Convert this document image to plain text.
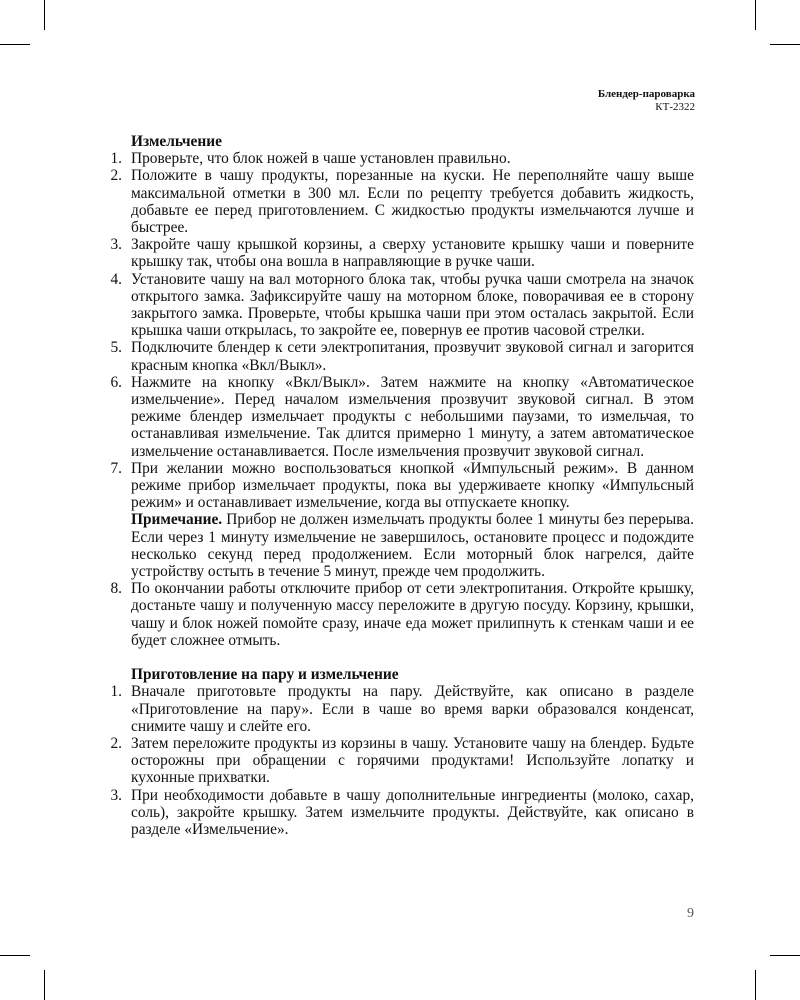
Блендер-пароварка
КТ-2322
Измельчение
1. Проверьте, что блок ножей в чаше установлен правильно.
2. Положите в чашу продукты, порезанные на куски. Не переполняйте чашу выше максимальной отметки в 300 мл. Если по рецепту требуется добавить жидкость, добавьте ее перед приготовлением. С жидкостью продукты измельчаются лучше и быстрее.
3. Закройте чашу крышкой корзины, а сверху установите крышку чаши и поверните крышку так, чтобы она вошла в направляющие в ручке чаши.
4. Установите чашу на вал моторного блока так, чтобы ручка чаши смотрела на значок открытого замка. Зафиксируйте чашу на моторном блоке, поворачивая ее в сторону закрытого замка. Проверьте, чтобы крышка чаши при этом осталась закрытой. Если крышка чаши открылась, то закройте ее, повернув ее против часовой стрелки.
5. Подключите блендер к сети электропитания, прозвучит звуковой сигнал и загорится красным кнопка «Вкл/Выкл».
6. Нажмите на кнопку «Вкл/Выкл». Затем нажмите на кнопку «Автоматическое измельчение». Перед началом измельчения прозвучит звуковой сигнал. В этом режиме блендер измельчает продукты с небольшими паузами, то измельчая, то останавливая измельчение. Так длится примерно 1 минуту, а затем автоматическое измельчение останавливается. После измельчения прозвучит звуковой сигнал.
7. При желании можно воспользоваться кнопкой «Импульсный режим». В данном режиме прибор измельчает продукты, пока вы удерживаете кнопку «Импульсный режим» и останавливает измельчение, когда вы отпускаете кнопку.
Примечание. Прибор не должен измельчать продукты более 1 минуты без перерыва. Если через 1 минуту измельчение не завершилось, остановите процесс и подождите несколько секунд перед продолжением. Если моторный блок нагрелся, дайте устройству остыть в течение 5 минут, прежде чем продолжить.
8. По окончании работы отключите прибор от сети электропитания. Откройте крышку, достаньте чашу и полученную массу переложите в другую посуду. Корзину, крышки, чашу и блок ножей помойте сразу, иначе еда может прилипнуть к стенкам чаши и ее будет сложнее отмыть.
Приготовление на пару и измельчение
1. Вначале приготовьте продукты на пару. Действуйте, как описано в разделе «Приготовление на пару». Если в чаше во время варки образовался конденсат, снимите чашу и слейте его.
2. Затем переложите продукты из корзины в чашу. Установите чашу на блендер. Будьте осторожны при обращении с горячими продуктами! Используйте лопатку и кухонные прихватки.
3. При необходимости добавьте в чашу дополнительные ингредиенты (молоко, сахар, соль), закройте крышку. Затем измельчите продукты. Действуйте, как описано в разделе «Измельчение».
9
